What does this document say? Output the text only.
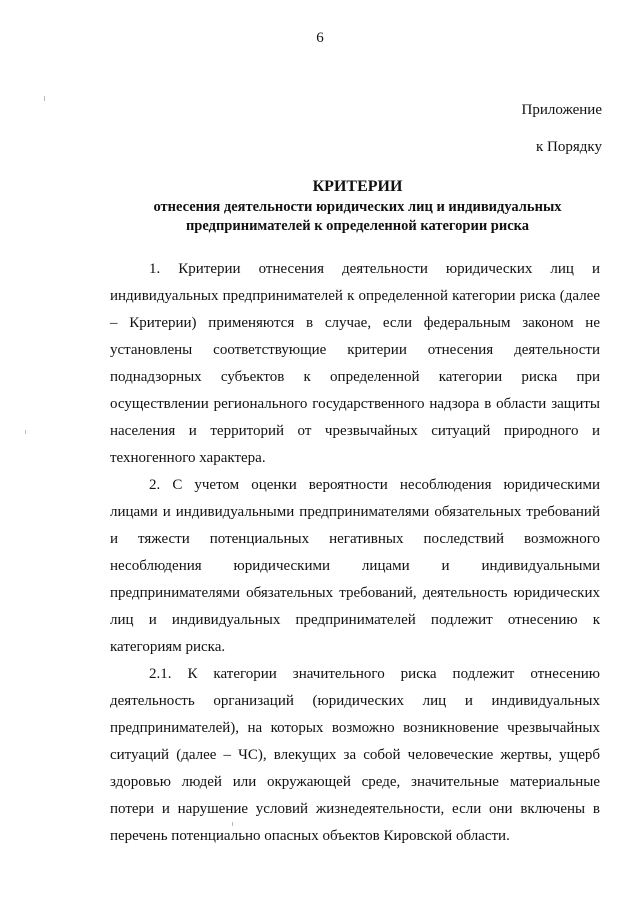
6
Приложение
к Порядку
КРИТЕРИИ
отнесения деятельности юридических лиц и индивидуальных
предпринимателей к определенной категории риска

1. Критерии отнесения деятельности юридических лиц и индивидуальных предпринимателей к определенной категории риска (далее – Критерии) применяются в случае, если федеральным законом не установлены соответствующие критерии отнесения деятельности поднадзорных субъектов к определенной категории риска при осуществлении регионального государственного надзора в области защиты населения и территорий от чрезвычайных ситуаций природного и техногенного характера.

2. С учетом оценки вероятности несоблюдения юридическими лицами и индивидуальными предпринимателями обязательных требований и тяжести потенциальных негативных последствий возможного несоблюдения юридическими лицами и индивидуальными предпринимателями обязательных требований, деятельность юридических лиц и индивидуальных предпринимателей подлежит отнесению к категориям риска.

2.1. К категории значительного риска подлежит отнесению деятельность организаций (юридических лиц и индивидуальных предпринимателей), на которых возможно возникновение чрезвычайных ситуаций (далее – ЧС), влекущих за собой человеческие жертвы, ущерб здоровью людей или окружающей среде, значительные материальные потери и нарушение условий жизнедеятельности, если они включены в перечень потенциально опасных объектов Кировской области.
